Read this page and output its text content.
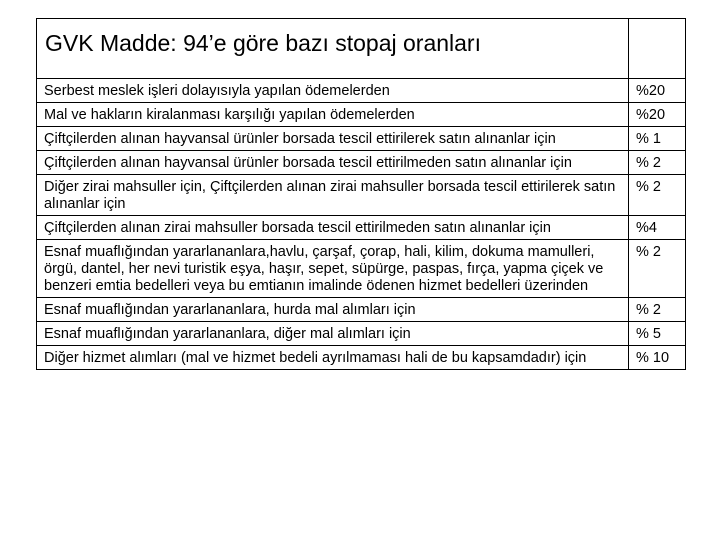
GVK Madde: 94’e göre bazı stopaj oranları	
Serbest meslek işleri dolayısıyla yapılan ödemelerden	%20
Mal ve hakların kiralanması karşılığı yapılan ödemelerden	%20
Çiftçilerden alınan hayvansal ürünler borsada tescil ettirilerek satın alınanlar için	% 1
Çiftçilerden alınan hayvansal ürünler borsada tescil ettirilmeden satın alınanlar için	% 2
Diğer zirai mahsuller için, Çiftçilerden alınan zirai mahsuller borsada tescil ettirilerek satın alınanlar için	% 2
Çiftçilerden alınan zirai mahsuller borsada tescil ettirilmeden satın alınanlar için	%4
Esnaf muaflığından yararlananlara,havlu, çarşaf, çorap, hali, kilim, dokuma mamulleri, örgü, dantel, her nevi turistik eşya, haşır, sepet, süpürge, paspas, fırça, yapma çiçek ve benzeri emtia bedelleri veya bu emtianın imalinde ödenen hizmet bedelleri üzerinden	% 2
Esnaf muaflığından yararlananlara, hurda mal alımları için	% 2
Esnaf muaflığından yararlananlara, diğer mal alımları için	% 5
Diğer hizmet alımları (mal ve hizmet bedeli ayrılmaması hali de bu kapsamdadır) için	% 10
